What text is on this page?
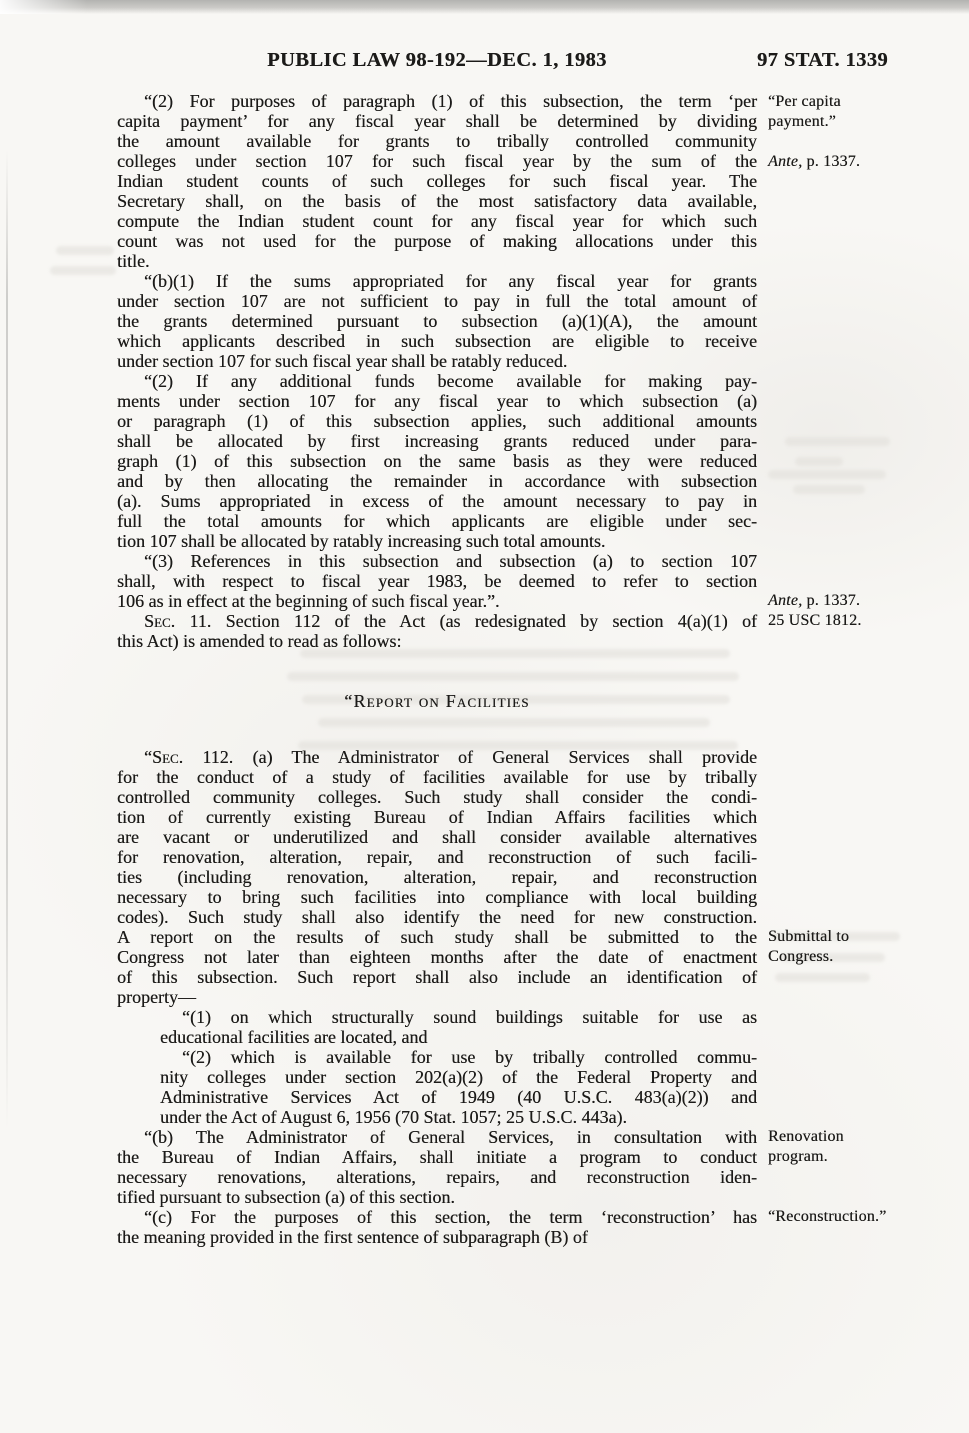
PUBLIC LAW 98-192—DEC. 1, 1983	97 STAT. 1339
“(2) For purposes of paragraph (1) of this subsection, the term ‘per
capita payment’ for any fiscal year shall be determined by dividing
the amount available for grants to tribally controlled community
colleges under section 107 for such fiscal year by the sum of the
Indian student counts of such colleges for such fiscal year. The
Secretary shall, on the basis of the most satisfactory data available,
compute the Indian student count for any fiscal year for which such
count was not used for the purpose of making allocations under this
title.
“(b)(1) If the sums appropriated for any fiscal year for grants
under section 107 are not sufficient to pay in full the total amount of
the grants determined pursuant to subsection (a)(1)(A), the amount
which applicants described in such subsection are eligible to receive
under section 107 for such fiscal year shall be ratably reduced.
“(2) If any additional funds become available for making pay-
ments under section 107 for any fiscal year to which subsection (a)
or paragraph (1) of this subsection applies, such additional amounts
shall be allocated by first increasing grants reduced under para-
graph (1) of this subsection on the same basis as they were reduced
and by then allocating the remainder in accordance with subsection
(a). Sums appropriated in excess of the amount necessary to pay in
full the total amounts for which applicants are eligible under sec-
tion 107 shall be allocated by ratably increasing such total amounts.
“(3) References in this subsection and subsection (a) to section 107
shall, with respect to fiscal year 1983, be deemed to refer to section
106 as in effect at the beginning of such fiscal year.”.
Sec. 11. Section 112 of the Act (as redesignated by section 4(a)(1) of
this Act) is amended to read as follows:
“Report on Facilities
“Sec. 112. (a) The Administrator of General Services shall provide
for the conduct of a study of facilities available for use by tribally
controlled community colleges. Such study shall consider the condi-
tion of currently existing Bureau of Indian Affairs facilities which
are vacant or underutilized and shall consider available alternatives
for renovation, alteration, repair, and reconstruction of such facili-
ties (including renovation, alteration, repair, and reconstruction
necessary to bring such facilities into compliance with local building
codes). Such study shall also identify the need for new construction.
A report on the results of such study shall be submitted to the
Congress not later than eighteen months after the date of enactment
of this subsection. Such report shall also include an identification of
property—
“(1) on which structurally sound buildings suitable for use as
educational facilities are located, and
“(2) which is available for use by tribally controlled commu-
nity colleges under section 202(a)(2) of the Federal Property and
Administrative Services Act of 1949 (40 U.S.C. 483(a)(2)) and
under the Act of August 6, 1956 (70 Stat. 1057; 25 U.S.C. 443a).
“(b) The Administrator of General Services, in consultation with
the Bureau of Indian Affairs, shall initiate a program to conduct
necessary renovations, alterations, repairs, and reconstruction iden-
tified pursuant to subsection (a) of this section.
“(c) For the purposes of this section, the term ‘reconstruction’ has
the meaning provided in the first sentence of subparagraph (B) of
“Per capita
payment.”
Ante, p. 1337.
Ante, p. 1337.
25 USC 1812.
Submittal to
Congress.
Renovation
program.
“Reconstruction.”
